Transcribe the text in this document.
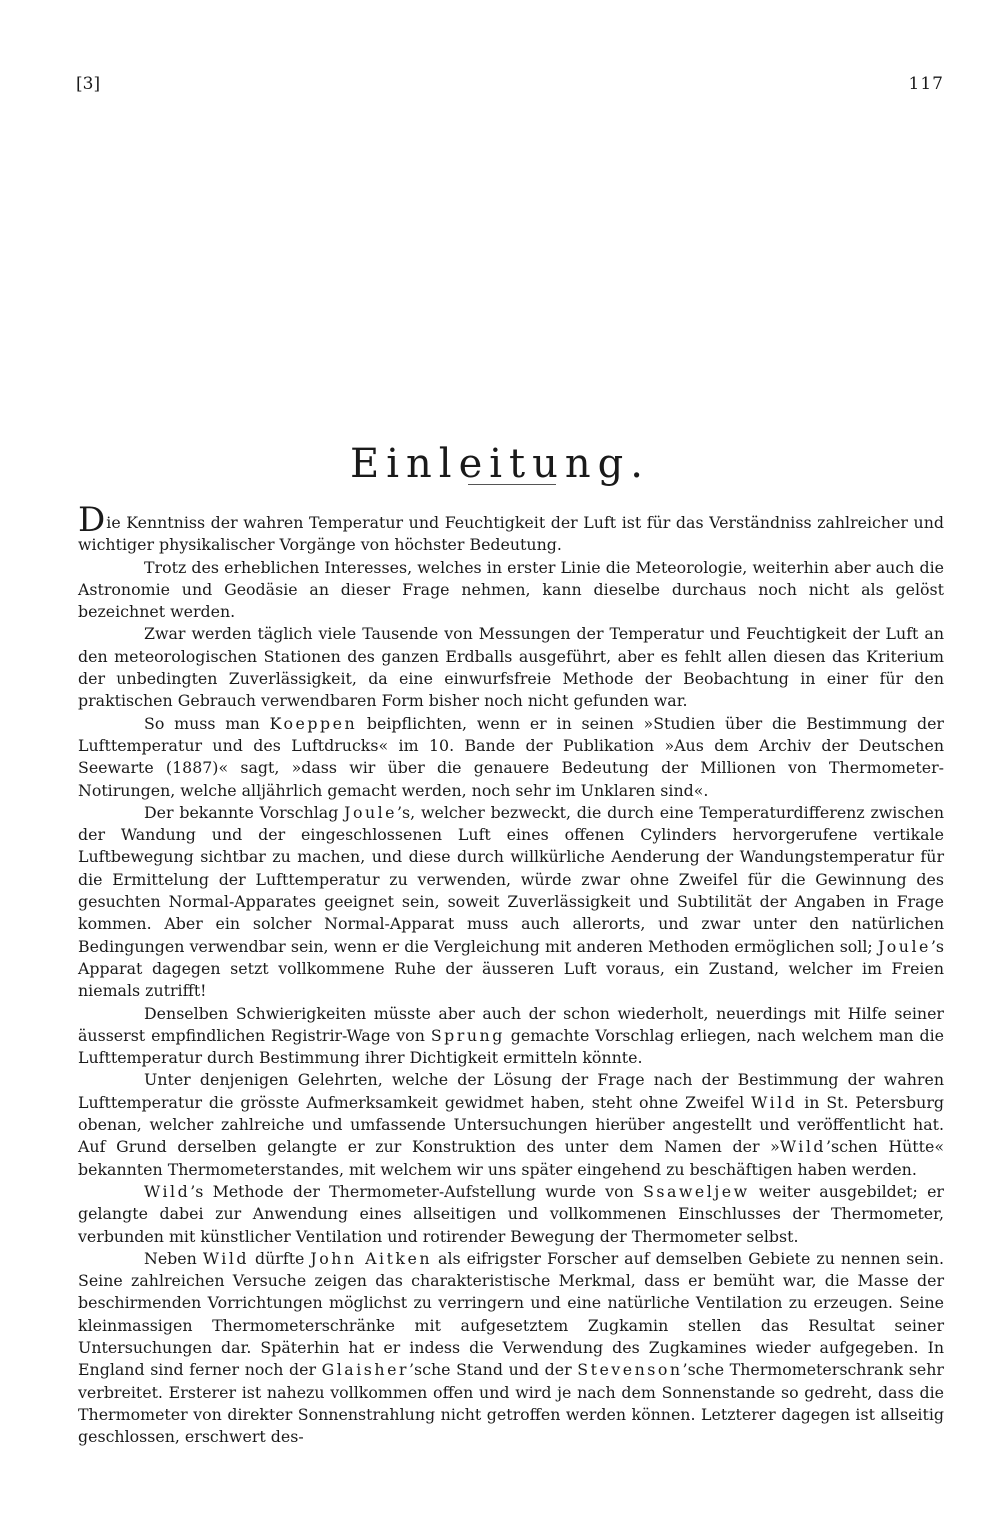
[3]	117
Einleitung.

Die Kenntniss der wahren Temperatur und Feuchtigkeit der Luft ist für das Verständniss zahlreicher und wichtiger physikalischer Vorgänge von höchster Bedeutung.

Trotz des erheblichen Interesses, welches in erster Linie die Meteorologie, weiterhin aber auch die Astronomie und Geodäsie an dieser Frage nehmen, kann dieselbe durchaus noch nicht als gelöst bezeichnet werden.

Zwar werden täglich viele Tausende von Messungen der Temperatur und Feuchtigkeit der Luft an den meteorologischen Stationen des ganzen Erdballs ausgeführt, aber es fehlt allen diesen das Kriterium der unbedingten Zuverlässigkeit, da eine einwurfsfreie Methode der Beobachtung in einer für den praktischen Gebrauch verwendbaren Form bisher noch nicht gefunden war.

So muss man Koeppen beipflichten, wenn er in seinen »Studien über die Bestimmung der Lufttemperatur und des Luftdrucks« im 10. Bande der Publikation »Aus dem Archiv der Deutschen Seewarte (1887)« sagt, »dass wir über die genauere Bedeutung der Millionen von Thermometer-Notirungen, welche alljährlich gemacht werden, noch sehr im Unklaren sind«.

Der bekannte Vorschlag Joule’s, welcher bezweckt, die durch eine Temperaturdifferenz zwischen der Wandung und der eingeschlossenen Luft eines offenen Cylinders hervorgerufene vertikale Luftbewegung sichtbar zu machen, und diese durch willkürliche Aenderung der Wandungstemperatur für die Ermittelung der Lufttemperatur zu verwenden, würde zwar ohne Zweifel für die Gewinnung des gesuchten Normal-Apparates geeignet sein, soweit Zuverlässigkeit und Subtilität der Angaben in Frage kommen. Aber ein solcher Normal-Apparat muss auch allerorts, und zwar unter den natürlichen Bedingungen verwendbar sein, wenn er die Vergleichung mit anderen Methoden ermöglichen soll; Joule’s Apparat dagegen setzt vollkommene Ruhe der äusseren Luft voraus, ein Zustand, welcher im Freien niemals zutrifft!

Denselben Schwierigkeiten müsste aber auch der schon wiederholt, neuerdings mit Hilfe seiner äusserst empfindlichen Registrir-Wage von Sprung gemachte Vorschlag erliegen, nach welchem man die Lufttemperatur durch Bestimmung ihrer Dichtigkeit ermitteln könnte.

Unter denjenigen Gelehrten, welche der Lösung der Frage nach der Bestimmung der wahren Lufttemperatur die grösste Aufmerksamkeit gewidmet haben, steht ohne Zweifel Wild in St. Petersburg obenan, welcher zahlreiche und umfassende Untersuchungen hierüber angestellt und veröffentlicht hat. Auf Grund derselben gelangte er zur Konstruktion des unter dem Namen der »Wild’schen Hütte« bekannten Thermometerstandes, mit welchem wir uns später eingehend zu beschäftigen haben werden.

Wild’s Methode der Thermometer-Aufstellung wurde von Ssaweljew weiter ausgebildet; er gelangte dabei zur Anwendung eines allseitigen und vollkommenen Einschlusses der Thermometer, verbunden mit künstlicher Ventilation und rotirender Bewegung der Thermometer selbst.

Neben Wild dürfte John Aitken als eifrigster Forscher auf demselben Gebiete zu nennen sein. Seine zahlreichen Versuche zeigen das charakteristische Merkmal, dass er bemüht war, die Masse der beschirmenden Vorrichtungen möglichst zu verringern und eine natürliche Ventilation zu erzeugen. Seine kleinmassigen Thermometerschränke mit aufgesetztem Zugkamin stellen das Resultat seiner Untersuchungen dar. Späterhin hat er indess die Verwendung des Zugkamines wieder aufgegeben. In England sind ferner noch der Glaisher’sche Stand und der Stevenson’sche Thermometerschrank sehr verbreitet. Ersterer ist nahezu vollkommen offen und wird je nach dem Sonnenstande so gedreht, dass die Thermometer von direkter Sonnenstrahlung nicht getroffen werden können. Letzterer dagegen ist allseitig geschlossen, erschwert des-
